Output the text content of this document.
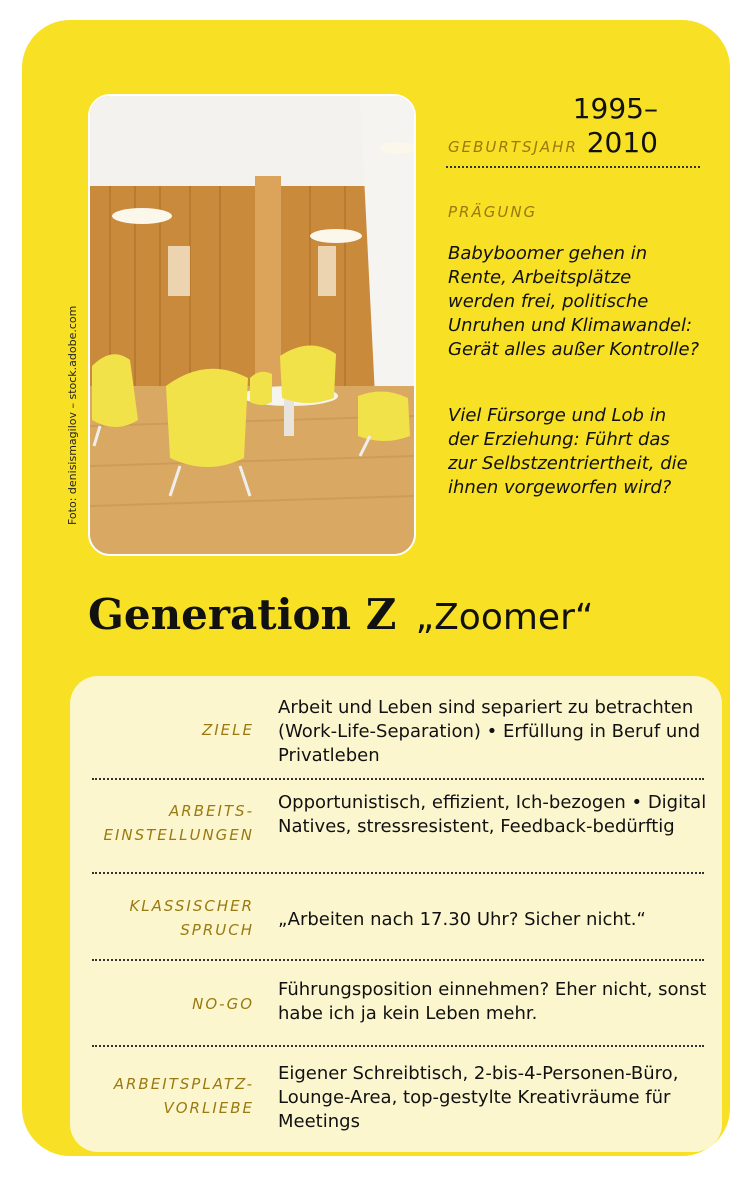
Foto: denisismagilov – stock.adobe.com
1995–
2010
GEBURTSJAHR
PRÄGUNG
Babyboomer gehen in Rente, Arbeitsplätze werden frei, politische Unruhen und Klimawandel: Gerät alles außer Kontrolle?
Viel Fürsorge und Lob in der Erziehung: Führt das zur Selbstzentriertheit, die ihnen vorgeworfen wird?
Generation Z „Zoomer“
ZIELE
Arbeit und Leben sind separiert zu betrachten (Work-Life-Separation) • Erfüllung in Beruf und Privatleben
ARBEITS-
EINSTELLUNGEN
Opportunistisch, effizient, Ich-bezogen • Digital Natives, stressresistent, Feedback-bedürftig
KLASSISCHER
SPRUCH „Arbeiten nach 17.30 Uhr? Sicher nicht.“
NO-GO
Führungsposition einnehmen? Eher nicht, sonst habe ich ja kein Leben mehr.
ARBEITSPLATZ-
VORLIEBE
Eigener Schreibtisch, 2-bis-4-Personen-Büro, Lounge-Area, top-gestylte Kreativräume für Meetings
